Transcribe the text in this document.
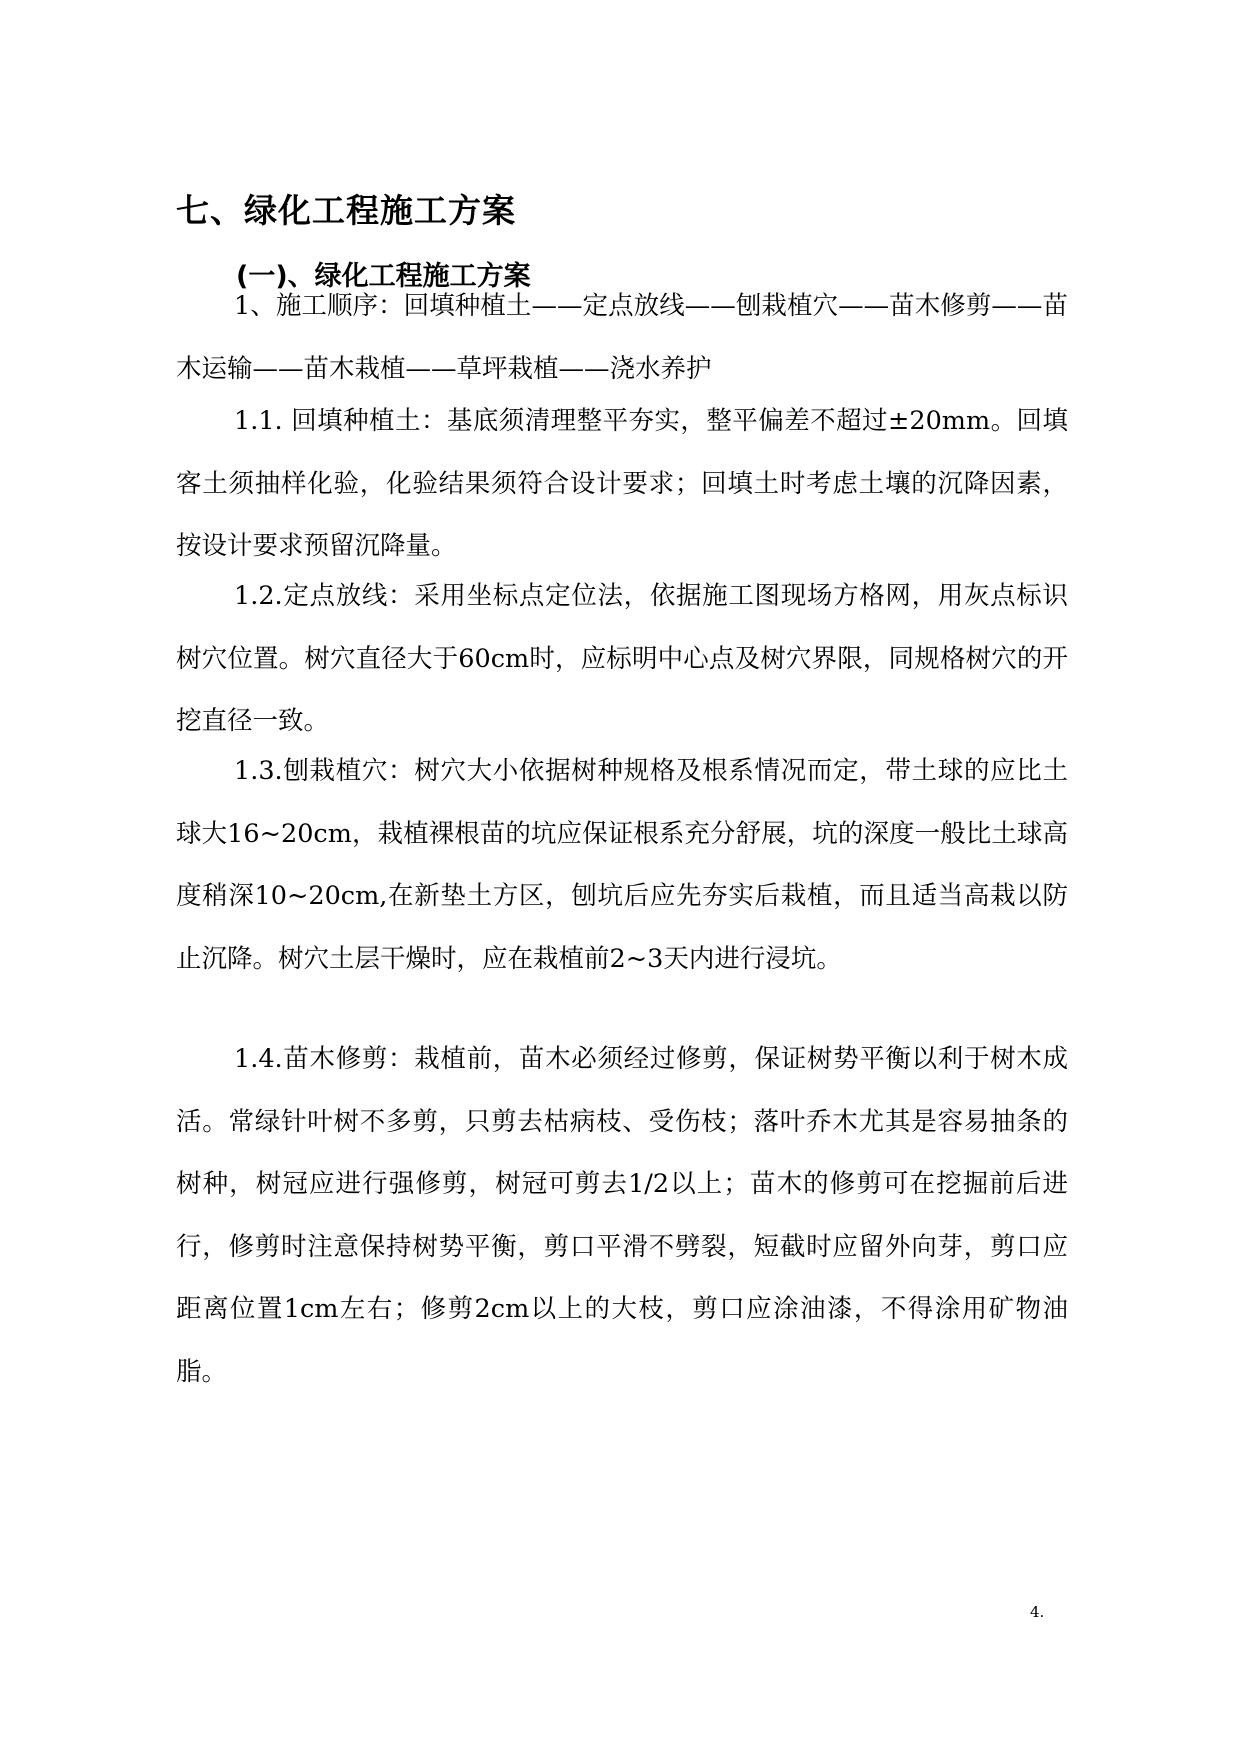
七、绿化工程施工方案
(一)、绿化工程施工方案

1、施工顺序：回填种植土——定点放线——刨栽植穴——苗木修剪——苗木运输——苗木栽植——草坪栽植——浇水养护

1.1. 回填种植土：基底须清理整平夯实，整平偏差不超过±20mm。回填客土须抽样化验，化验结果须符合设计要求；回填土时考虑土壤的沉降因素，按设计要求预留沉降量。

1.2.定点放线：采用坐标点定位法，依据施工图现场方格网，用灰点标识树穴位置。树穴直径大于60cm时，应标明中心点及树穴界限，同规格树穴的开挖直径一致。

1.3.刨栽植穴：树穴大小依据树种规格及根系情况而定，带土球的应比土球大16~20cm，栽植裸根苗的坑应保证根系充分舒展，坑的深度一般比土球高度稍深10~20cm,在新垫土方区，刨坑后应先夯实后栽植，而且适当高栽以防止沉降。树穴土层干燥时，应在栽植前2~3天内进行浸坑。

1.4.苗木修剪：栽植前，苗木必须经过修剪，保证树势平衡以利于树木成活。常绿针叶树不多剪，只剪去枯病枝、受伤枝；落叶乔木尤其是容易抽条的树种，树冠应进行强修剪，树冠可剪去1/2以上；苗木的修剪可在挖掘前后进行，修剪时注意保持树势平衡，剪口平滑不劈裂，短截时应留外向芽，剪口应距离位置1cm左右；修剪2cm以上的大枝，剪口应涂油漆，不得涂用矿物油脂。

4.
